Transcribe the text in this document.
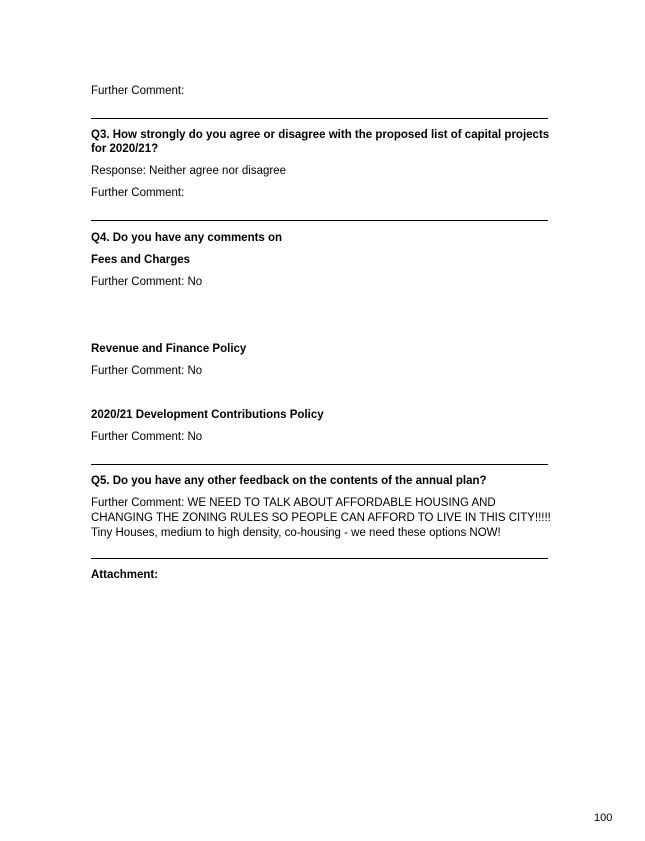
Further Comment:
Q3. How strongly do you agree or disagree with the proposed list of capital projects
for 2020/21?
Response: Neither agree nor disagree
Further Comment:
Q4. Do you have any comments on
Fees and Charges
Further Comment: No
Revenue and Finance Policy
Further Comment: No
2020/21 Development Contributions Policy
Further Comment: No
Q5. Do you have any other feedback on the contents of the annual plan?
Further Comment: WE NEED TO TALK ABOUT AFFORDABLE HOUSING AND
CHANGING THE ZONING RULES SO PEOPLE CAN AFFORD TO LIVE IN THIS CITY!!!!!
Tiny Houses, medium to high density, co-housing - we need these options NOW!
Attachment:
100
